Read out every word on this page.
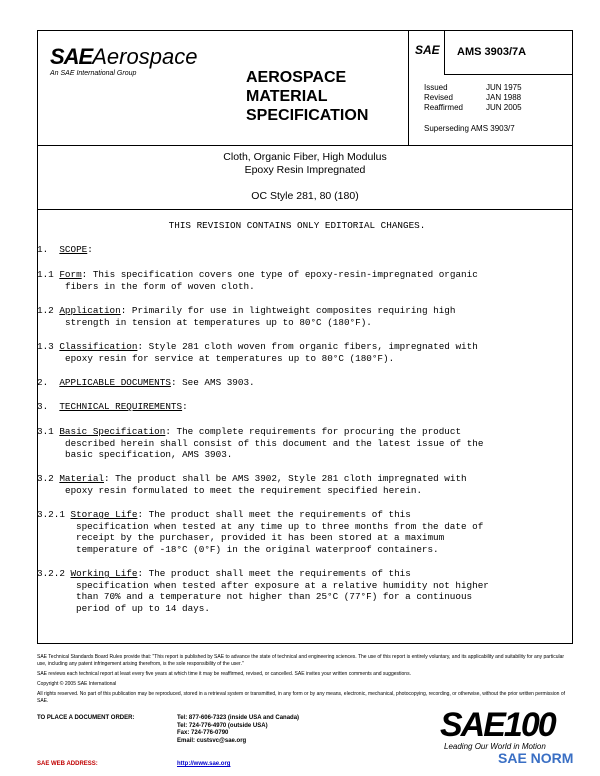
SAEAerospace
An SAE International Group	AEROSPACE
MATERIAL
SPECIFICATION
SAE AMS 3903/7A
Issued	JUN 1975
Revised	JAN 1988
Reaffirmed	JUN 2005
Superseding AMS 3903/7
Cloth, Organic Fiber, High Modulus
Epoxy Resin Impregnated
OC Style 281, 80 (180)
THIS REVISION CONTAINS ONLY EDITORIAL CHANGES.
1. SCOPE:
1.1 Form: This specification covers one type of epoxy-resin-impregnated organic
fibers in the form of woven cloth.
1.2 Application: Primarily for use in lightweight composites requiring high
strength in tension at temperatures up to 80°C (180°F).
1.3 Classification: Style 281 cloth woven from organic fibers, impregnated with
epoxy resin for service at temperatures up to 80°C (180°F).
2. APPLICABLE DOCUMENTS: See AMS 3903.
3. TECHNICAL REQUIREMENTS:
3.1 Basic Specification: The complete requirements for procuring the product
described herein shall consist of this document and the latest issue of the
basic specification, AMS 3903.
3.2 Material: The product shall be AMS 3902, Style 281 cloth impregnated with
epoxy resin formulated to meet the requirement specified herein.
3.2.1 Storage Life: The product shall meet the requirements of this
specification when tested at any time up to three months from the date of
receipt by the purchaser, provided it has been stored at a maximum
temperature of -18°C (0°F) in the original waterproof containers.
3.2.2 Working Life: The product shall meet the requirements of this
specification when tested after exposure at a relative humidity not higher
than 70% and a temperature not higher than 25°C (77°F) for a continuous
period of up to 14 days.

SAE Technical Standards Board Rules provide that: "This report is published by SAE to advance the state of technical and engineering sciences. The use of this report is entirely voluntary, and its applicability and suitability for any particular use, including any patent infringement arising therefrom, is the sole responsibility of the user."

SAE reviews each technical report at least every five years at which time it may be reaffirmed, revised, or cancelled. SAE invites your written comments and suggestions.

Copyright © 2005 SAE International

All rights reserved. No part of this publication may be reproduced, stored in a retrieval system or transmitted, in any form or by any means, electronic, mechanical, photocopying, recording, or otherwise, without the prior written permission of SAE.

TO PLACE A DOCUMENT ORDER:	Tel: 877-606-7323 (inside USA and Canada)
Tel: 724-776-4970 (outside USA)
Fax: 724-776-0790
Email: custsvc@sae.org
SAE WEB ADDRESS:	http://www.sae.org
SAE100
Leading Our World in Motion
SAE NORM
